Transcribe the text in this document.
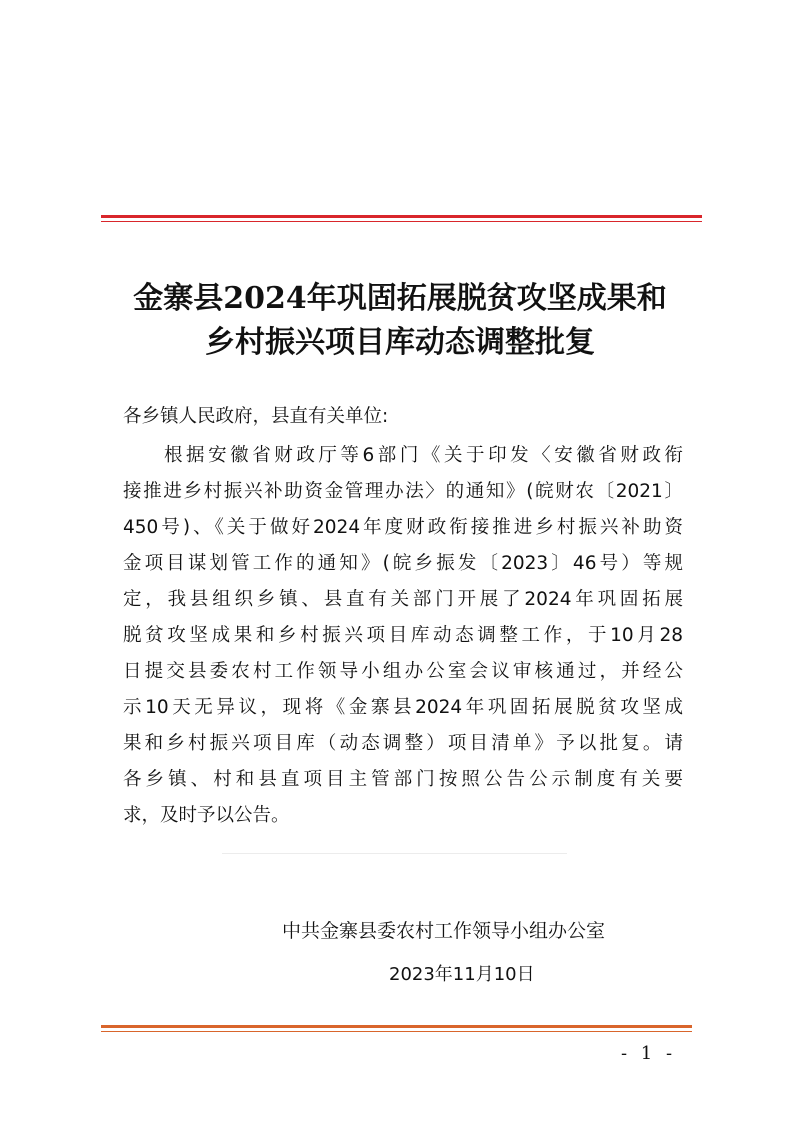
金寨县2024年巩固拓展脱贫攻坚成果和
乡村振兴项目库动态调整批复
各乡镇人民政府，县直有关单位:
根据安徽省财政厅等6部门《关于印发〈安徽省财政衔
接推进乡村振兴补助资金管理办法〉的通知》(皖财农〔2021〕
450号)、《关于做好2024年度财政衔接推进乡村振兴补助资
金项目谋划管工作的通知》(皖乡振发〔2023〕46号）等规
定，我县组织乡镇、县直有关部门开展了2024年巩固拓展
脱贫攻坚成果和乡村振兴项目库动态调整工作，于10月28
日提交县委农村工作领导小组办公室会议审核通过，并经公
示10天无异议，现将《金寨县2024年巩固拓展脱贫攻坚成
果和乡村振兴项目库（动态调整）项目清单》予以批复。请
各乡镇、村和县直项目主管部门按照公告公示制度有关要
求，及时予以公告。
中共金寨县委农村工作领导小组办公室
2023年11月10日
- 1 -
